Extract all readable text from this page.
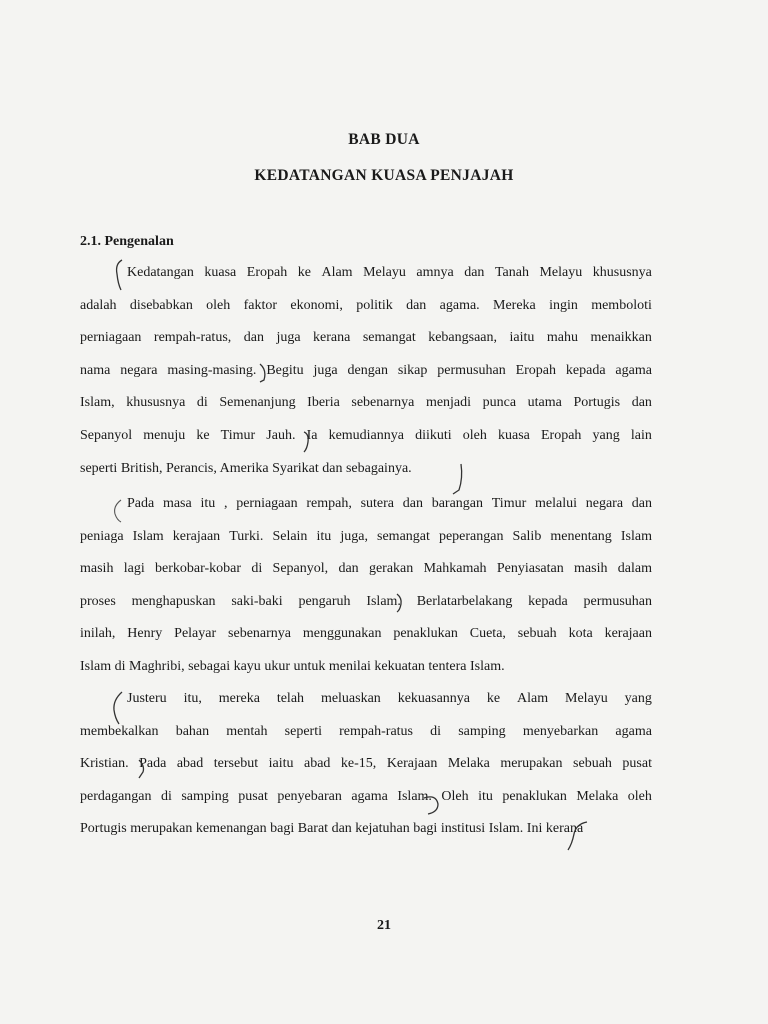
BAB DUA
KEDATANGAN KUASA PENJAJAH
2.1. Pengenalan
Kedatangan kuasa Eropah ke Alam Melayu amnya dan Tanah Melayu khususnya
adalah disebabkan oleh faktor ekonomi, politik dan agama. Mereka ingin memboloti
perniagaan rempah-ratus, dan juga kerana semangat kebangsaan, iaitu mahu menaikkan
nama negara masing-masing. Begitu juga dengan sikap permusuhan Eropah kepada agama
Islam, khususnya di Semenanjung Iberia sebenarnya menjadi punca utama Portugis dan
Sepanyol menuju ke Timur Jauh. Ia kemudiannya diikuti oleh kuasa Eropah yang lain
seperti British, Perancis, Amerika Syarikat dan sebagainya.
Pada masa itu , perniagaan rempah, sutera dan barangan Timur melalui negara dan
peniaga Islam kerajaan Turki. Selain itu juga, semangat peperangan Salib menentang Islam
masih lagi berkobar-kobar di Sepanyol, dan gerakan Mahkamah Penyiasatan masih dalam
proses menghapuskan saki-baki pengaruh Islam. Berlatarbelakang kepada permusuhan
inilah, Henry Pelayar sebenarnya menggunakan penaklukan Cueta, sebuah kota kerajaan
Islam di Maghribi, sebagai kayu ukur untuk menilai kekuatan tentera Islam.
Justeru itu, mereka telah meluaskan kekuasannya ke Alam Melayu yang
membekalkan bahan mentah seperti rempah-ratus di samping menyebarkan agama
Kristian. Pada abad tersebut iaitu abad ke-15, Kerajaan Melaka merupakan sebuah pusat
perdagangan di samping pusat penyebaran agama Islam. Oleh itu penaklukan Melaka oleh
Portugis merupakan kemenangan bagi Barat dan kejatuhan bagi institusi Islam. Ini kerana
21
